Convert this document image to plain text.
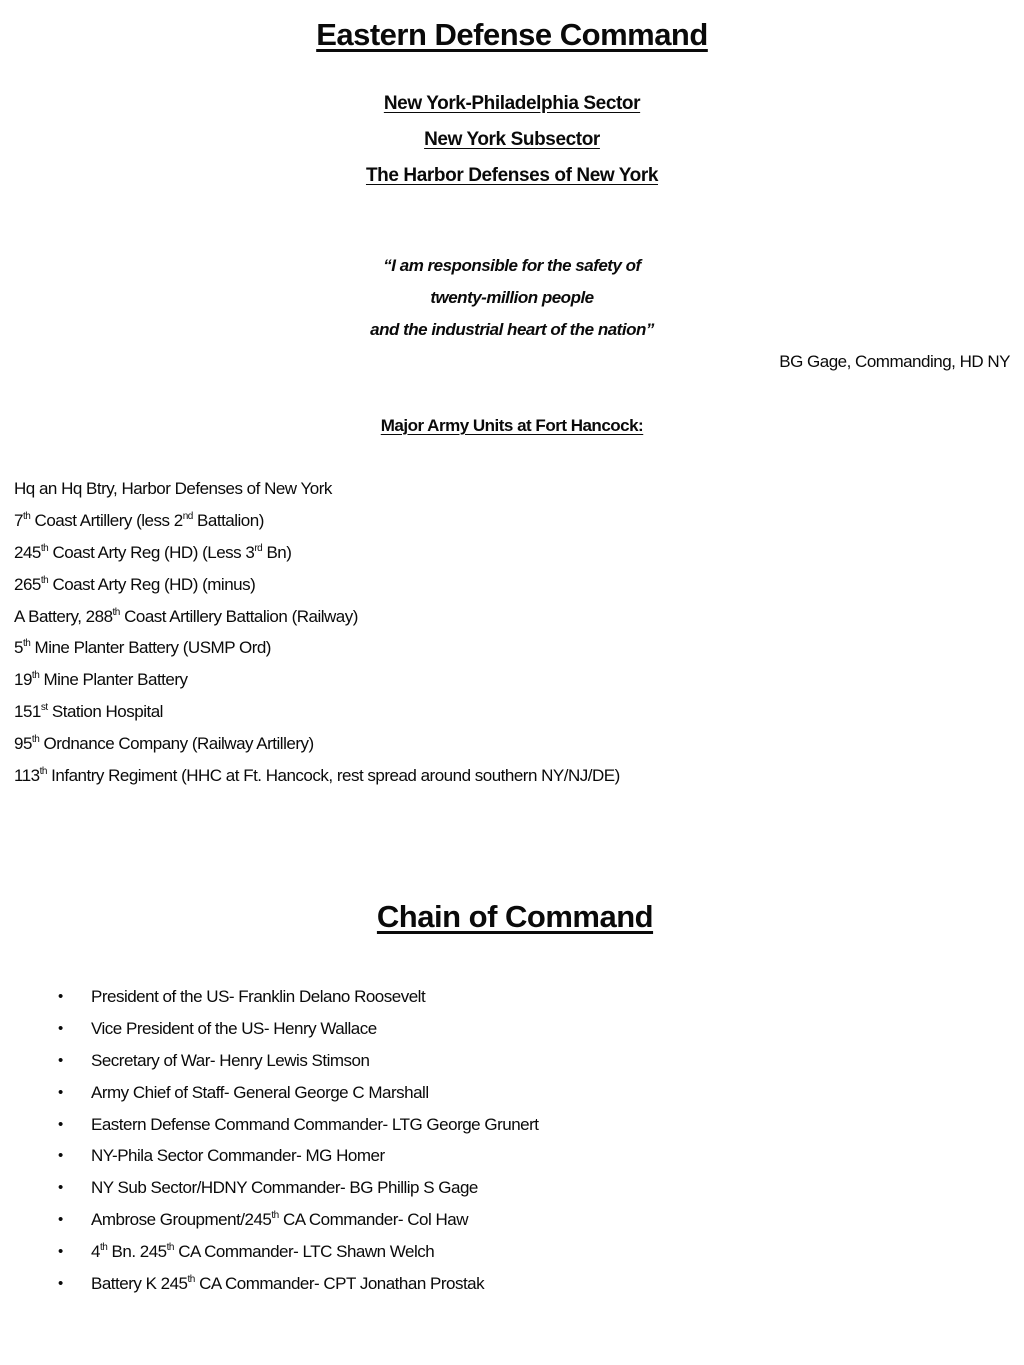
Eastern Defense Command
New York-Philadelphia Sector
New York Subsector
The Harbor Defenses of New York
“I am responsible for the safety of
twenty-million people
and the industrial heart of the nation”
BG Gage, Commanding, HD NY
Major Army Units at Fort Hancock:
Hq an Hq Btry, Harbor Defenses of New York
7th Coast Artillery (less 2nd Battalion)
245th Coast Arty Reg (HD) (Less 3rd Bn)
265th Coast Arty Reg (HD) (minus)
A Battery, 288th Coast Artillery Battalion (Railway)
5th Mine Planter Battery (USMP Ord)
19th Mine Planter Battery
151st Station Hospital
95th Ordnance Company (Railway Artillery)
113th Infantry Regiment (HHC at Ft. Hancock, rest spread around southern NY/NJ/DE)
Chain of Command
•	President of the US- Franklin Delano Roosevelt
•	Vice President of the US- Henry Wallace
•	Secretary of War- Henry Lewis Stimson
•	Army Chief of Staff- General George C Marshall
•	Eastern Defense Command Commander- LTG George Grunert
•	NY-Phila Sector Commander- MG Homer
•	NY Sub Sector/HDNY Commander- BG Phillip S Gage
•	Ambrose Groupment/245th CA Commander- Col Haw
•	4th Bn. 245th CA Commander- LTC Shawn Welch
•	Battery K 245th CA Commander- CPT Jonathan Prostak
